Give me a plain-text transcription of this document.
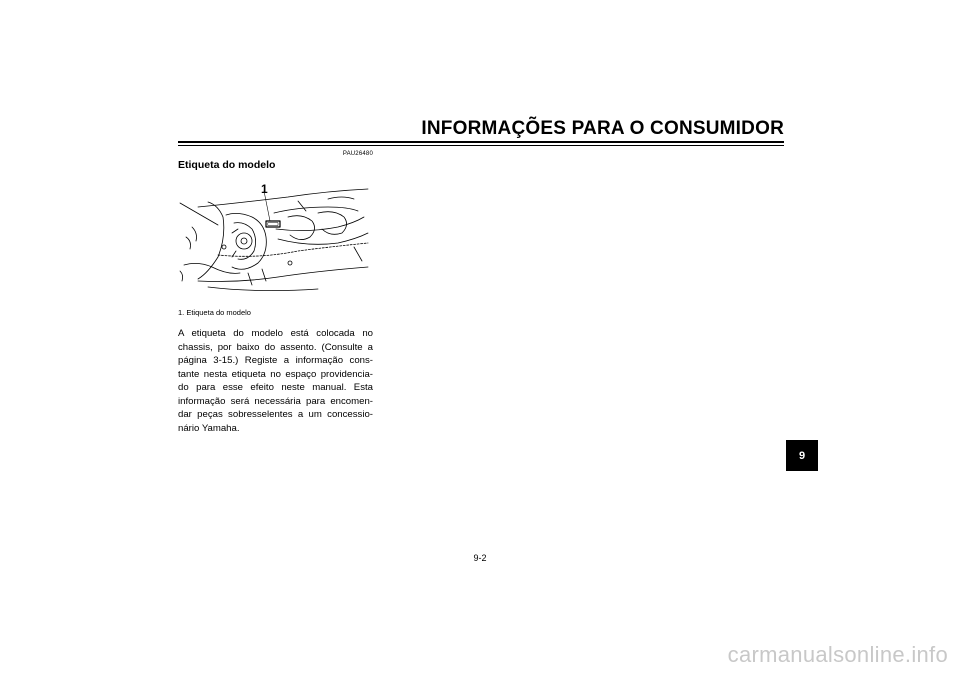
INFORMAÇÕES PARA O CONSUMIDOR
PAU26480
Etiqueta do modelo
1
1. Etiqueta do modelo
A etiqueta do modelo está colocada no
chassis, por baixo do assento. (Consulte a
página 3-15.) Registe a informação cons-
tante nesta etiqueta no espaço providencia-
do para esse efeito neste manual. Esta
informação será necessária para encomen-
dar peças sobresselentes a um concessio-
nário Yamaha.
9
9-2
carmanualsonline.info
